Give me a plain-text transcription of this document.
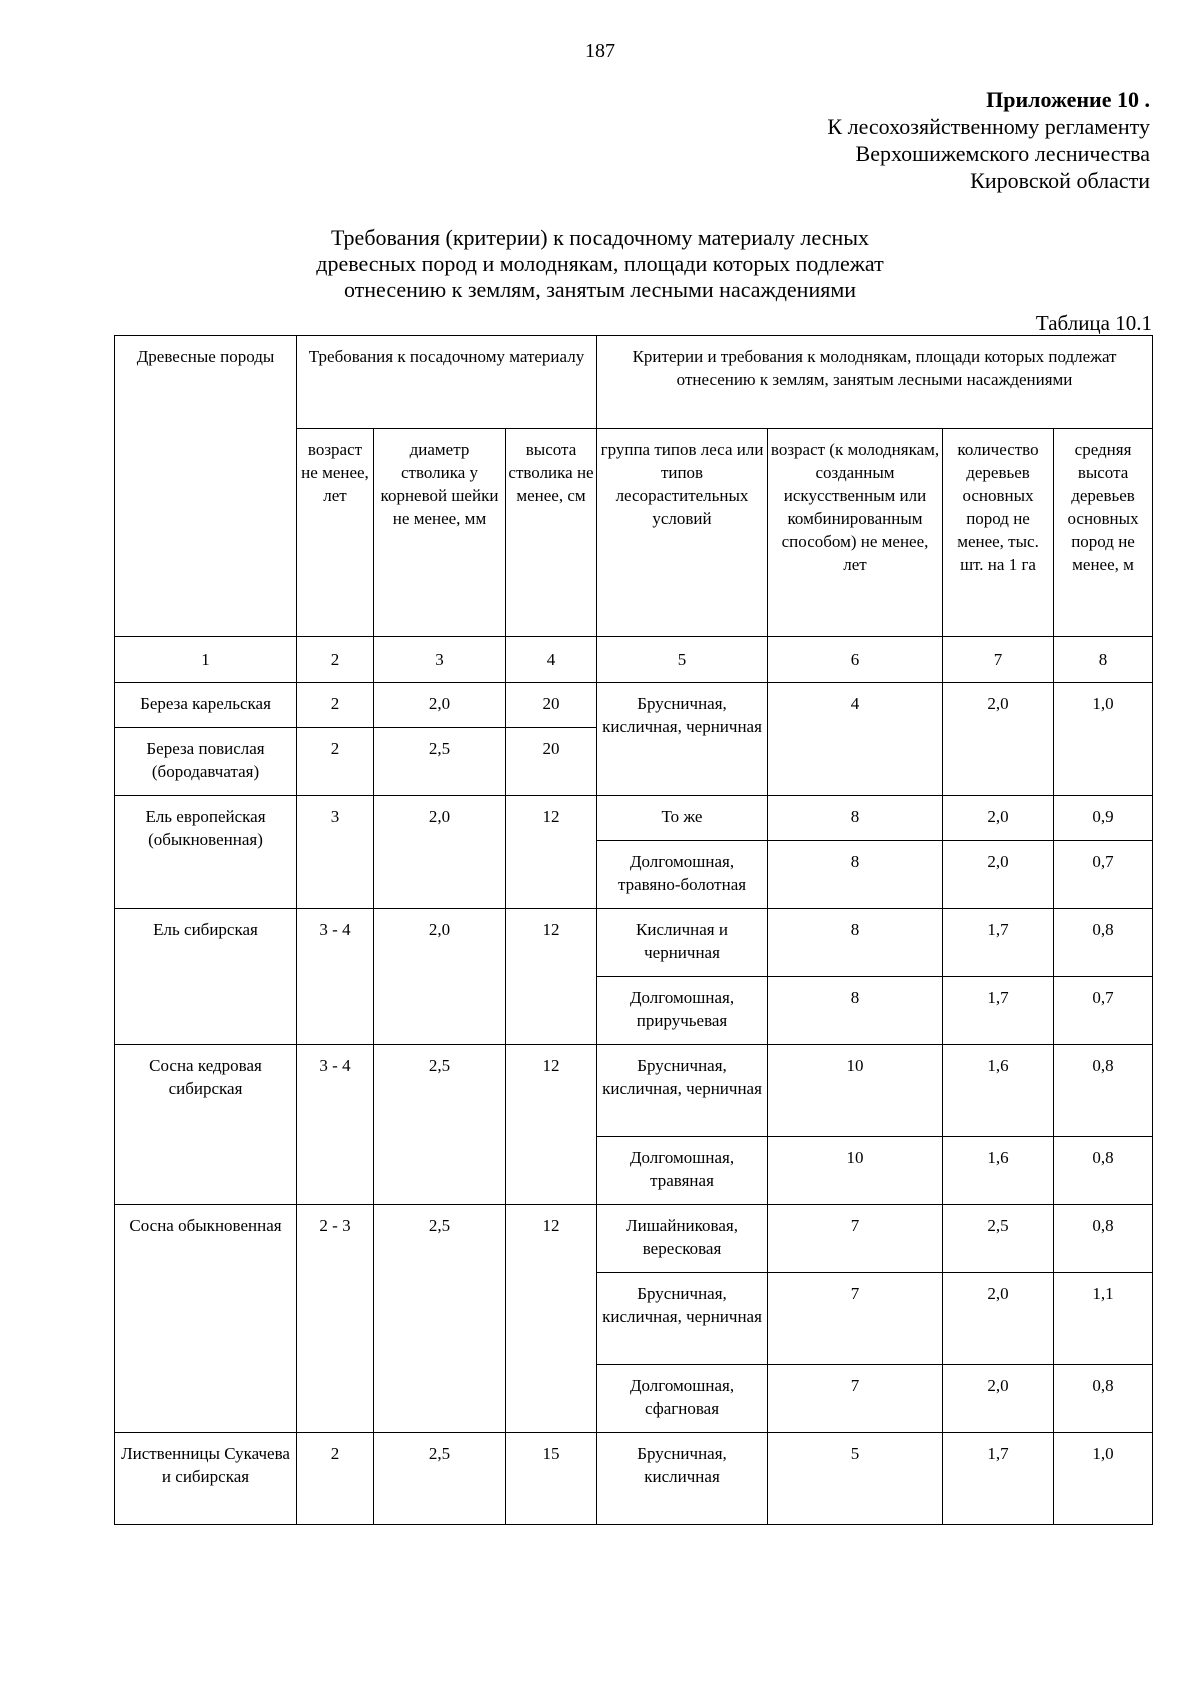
187
Приложение 10 .
К лесохозяйственному регламенту
Верхошижемского лесничества
Кировской области
Требования (критерии) к посадочному материалу лесных
древесных пород и молоднякам, площади которых подлежат
отнесению к землям, занятым лесными насаждениями
Таблица 10.1
Древесные породы	Требования к посадочному материалу			Критерии и требования к молоднякам, площади которых подлежат отнесению к землям, занятым лесными насаждениями			
	возраст не менее, лет	диаметр стволика у корневой шейки не менее, мм	высота стволика не менее, см	группа типов леса или типов лесорастительных условий	возраст (к молоднякам, созданным искусственным или комбинированным способом) не менее, лет	количество деревьев основных пород не менее, тыс. шт. на 1 га	средняя высота деревьев основных пород не менее, м
1	2	3	4	5	6	7	8
Береза карельская	2	2,0	20	Брусничная, кисличная, черничная	4	2,0	1,0
Береза повислая (бородавчатая)	2	2,5	20				
Ель европейская (обыкновенная)	3	2,0	12	То же	8	2,0	0,9
				Долгомошная, травяно-болотная	8	2,0	0,7
Ель сибирская	3 - 4	2,0	12	Кисличная и черничная	8	1,7	0,8
				Долгомошная, приручьевая	8	1,7	0,7
Сосна кедровая сибирская	3 - 4	2,5	12	Брусничная, кисличная, черничная	10	1,6	0,8
				Долгомошная, травяная	10	1,6	0,8
Сосна обыкновенная	2 - 3	2,5	12	Лишайниковая, вересковая	7	2,5	0,8
				Брусничная, кисличная, черничная	7	2,0	1,1
				Долгомошная, сфагновая	7	2,0	0,8
Лиственницы Сукачева и сибирская	2	2,5	15	Брусничная, кисличная	5	1,7	1,0
